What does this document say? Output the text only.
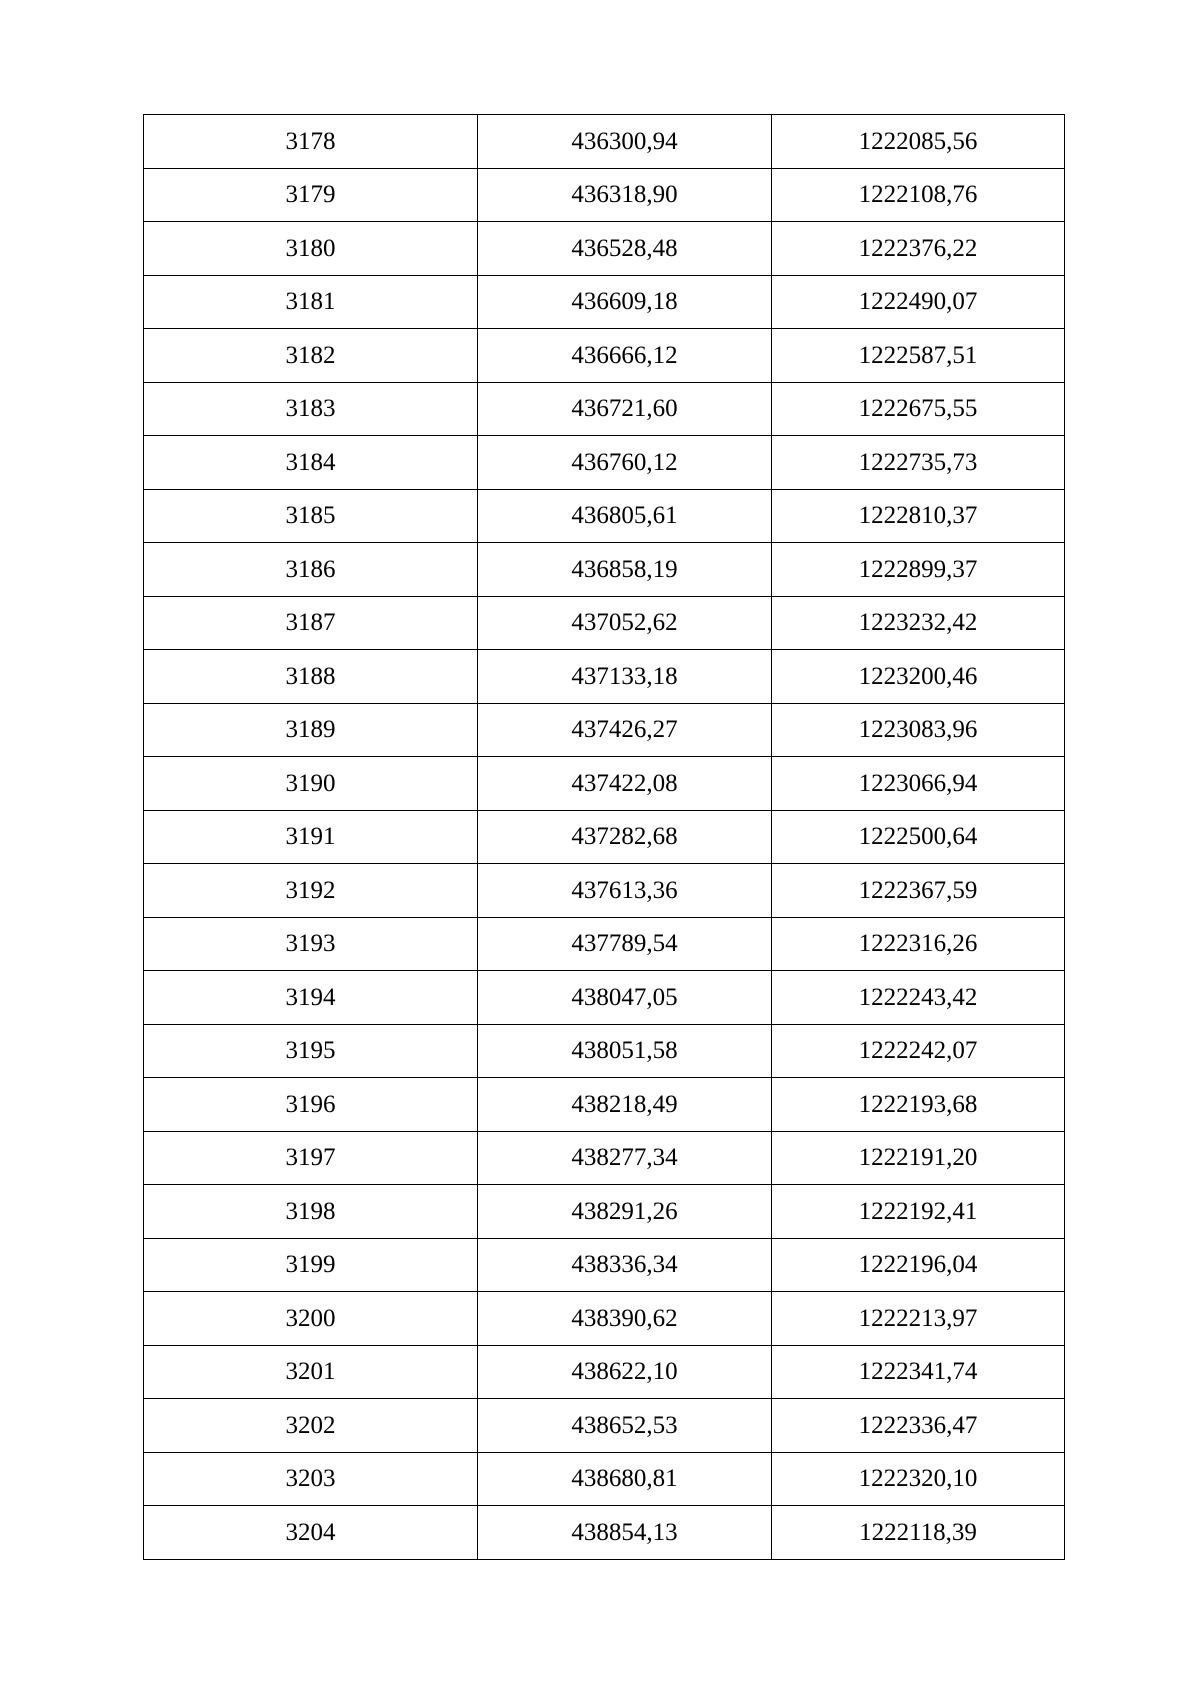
3178	436300,94	1222085,56
3179	436318,90	1222108,76
3180	436528,48	1222376,22
3181	436609,18	1222490,07
3182	436666,12	1222587,51
3183	436721,60	1222675,55
3184	436760,12	1222735,73
3185	436805,61	1222810,37
3186	436858,19	1222899,37
3187	437052,62	1223232,42
3188	437133,18	1223200,46
3189	437426,27	1223083,96
3190	437422,08	1223066,94
3191	437282,68	1222500,64
3192	437613,36	1222367,59
3193	437789,54	1222316,26
3194	438047,05	1222243,42
3195	438051,58	1222242,07
3196	438218,49	1222193,68
3197	438277,34	1222191,20
3198	438291,26	1222192,41
3199	438336,34	1222196,04
3200	438390,62	1222213,97
3201	438622,10	1222341,74
3202	438652,53	1222336,47
3203	438680,81	1222320,10
3204	438854,13	1222118,39
